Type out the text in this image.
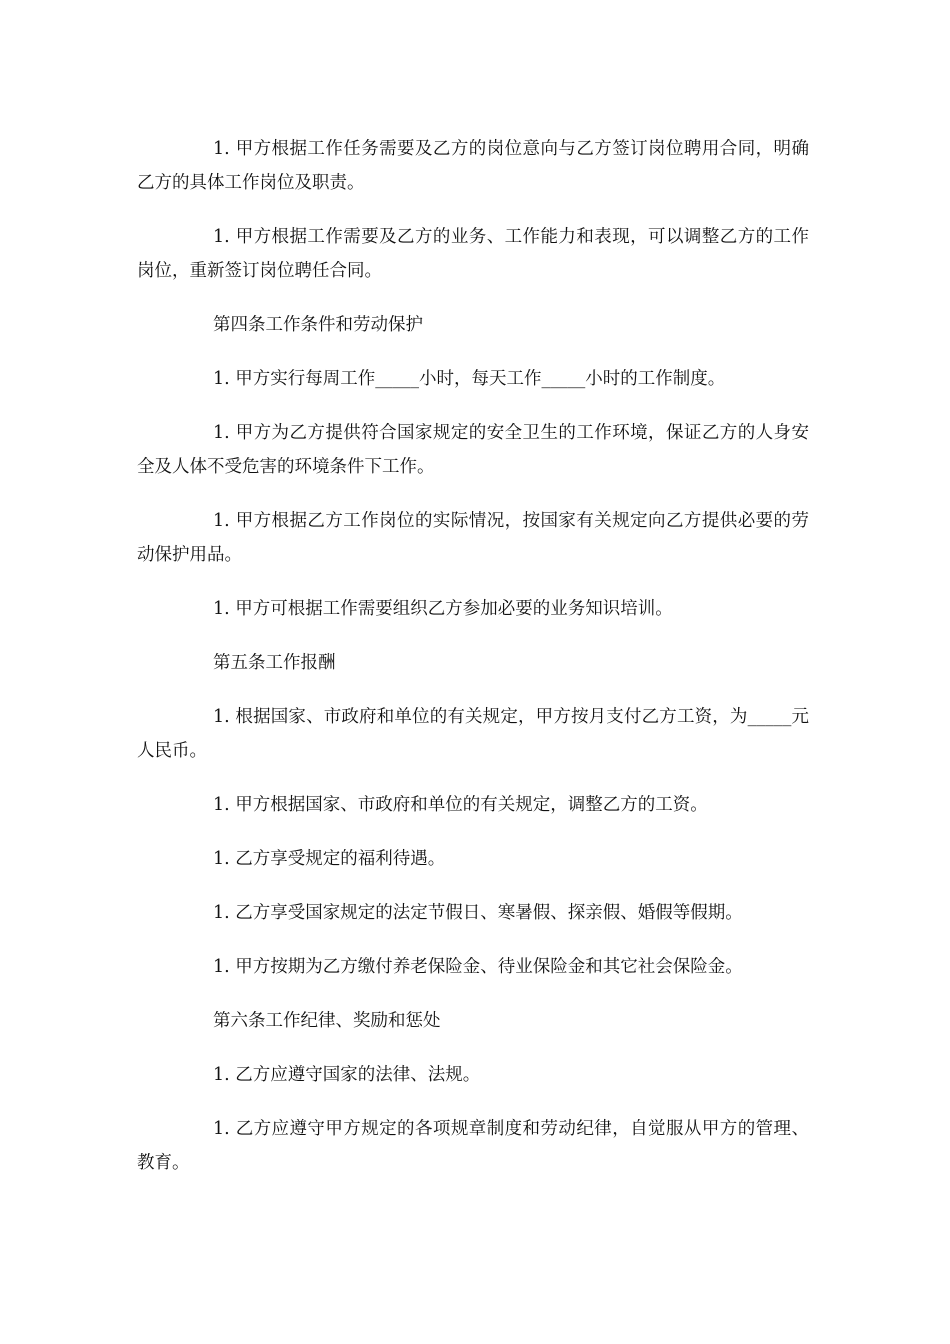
1. 甲方根据工作任务需要及乙方的岗位意向与乙方签订岗位聘用合同，明确乙方的具体工作岗位及职责。

1. 甲方根据工作需要及乙方的业务、工作能力和表现，可以调整乙方的工作岗位，重新签订岗位聘任合同。

第四条工作条件和劳动保护

1. 甲方实行每周工作_____小时，每天工作_____小时的工作制度。

1. 甲方为乙方提供符合国家规定的安全卫生的工作环境，保证乙方的人身安全及人体不受危害的环境条件下工作。

1. 甲方根据乙方工作岗位的实际情况，按国家有关规定向乙方提供必要的劳动保护用品。

1. 甲方可根据工作需要组织乙方参加必要的业务知识培训。

第五条工作报酬

1. 根据国家、市政府和单位的有关规定，甲方按月支付乙方工资，为_____元人民币。

1. 甲方根据国家、市政府和单位的有关规定，调整乙方的工资。

1. 乙方享受规定的福利待遇。

1. 乙方享受国家规定的法定节假日、寒暑假、探亲假、婚假等假期。

1. 甲方按期为乙方缴付养老保险金、待业保险金和其它社会保险金。

第六条工作纪律、奖励和惩处

1. 乙方应遵守国家的法律、法规。

1. 乙方应遵守甲方规定的各项规章制度和劳动纪律，自觉服从甲方的管理、教育。
